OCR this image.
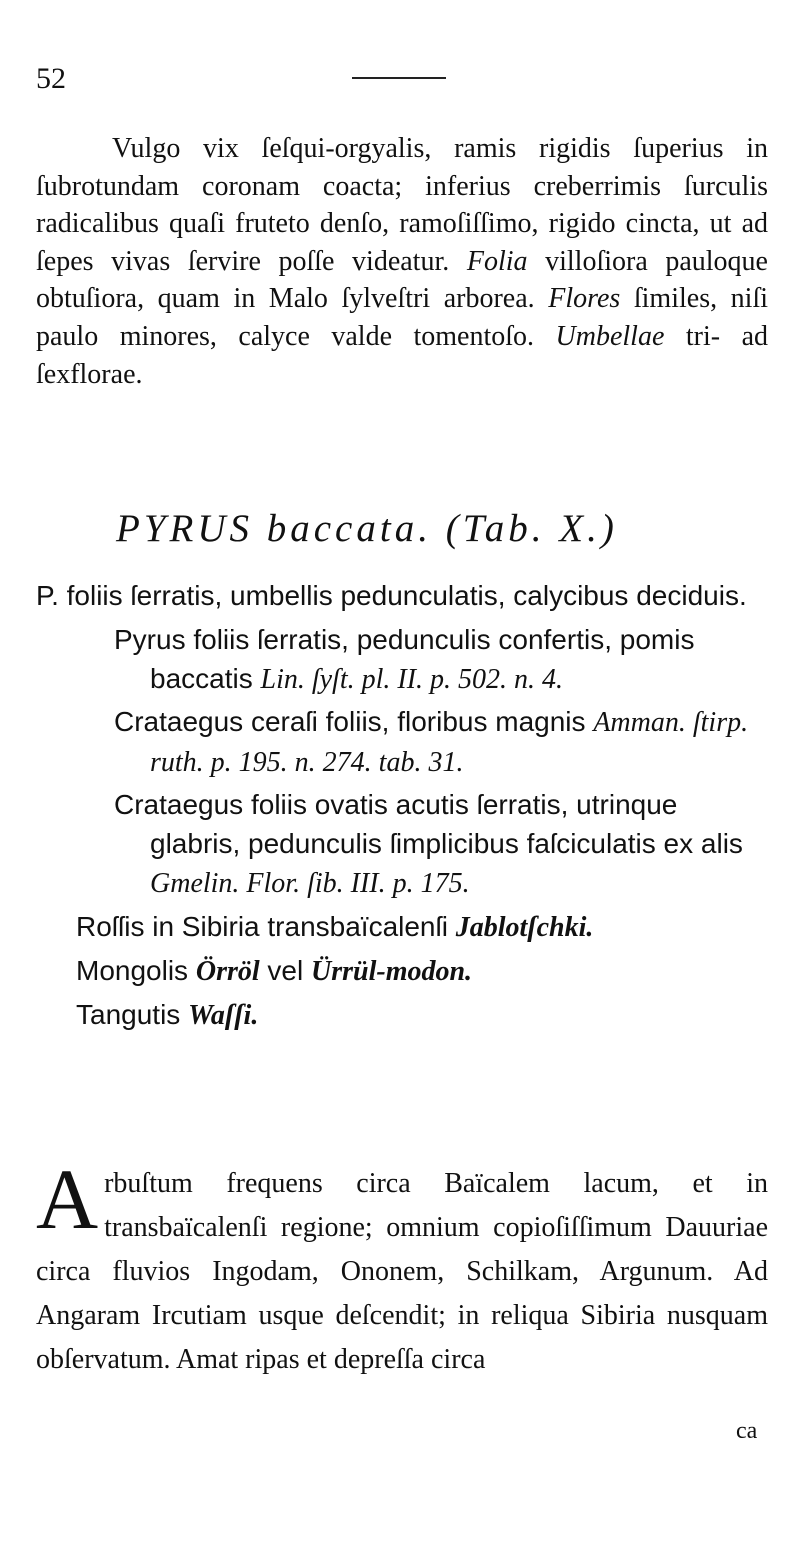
52

Vulgo vix ſeſqui-orgyalis, ramis rigidis ſuperius in ſubrotundam coronam coacta; inferius creberrimis ſurculis radicalibus quaſi fruteto denſo, ramoſiſſimo, rigido cincta, ut ad ſepes vivas ſervire poſſe videatur. Folia villoſiora pauloque obtuſiora, quam in Malo ſylveſtri arborea. Flores ſimiles, niſi paulo minores, calyce valde tomentoſo. Umbellae tri- ad ſexflorae.

PYRUS baccata. (Tab. X.)

P. foliis ſerratis, umbellis pedunculatis, calycibus deciduis.

Pyrus foliis ſerratis, pedunculis confertis, pomis baccatis Lin. ſyſt. pl. II. p. 502. n. 4.
Crataegus ceraſi foliis, floribus magnis Amman. ſtirp. ruth. p. 195. n. 274. tab. 31.
Crataegus foliis ovatis acutis ſerratis, utrinque glabris, pedunculis ſimplicibus faſciculatis ex alis Gmelin. Flor. ſib. III. p. 175.
Roſſis in Sibiria transbaïcalenſi Jablotſchki.
Mongolis Örröl vel Ürrül-modon.
Tangutis Waſſi.
Arbuſtum frequens circa Baïcalem lacum, et in transbaïcalenſi regione; omnium copioſiſſimum Dauuriae circa fluvios Ingodam, Ononem, Schilkam, Argunum. Ad Angaram Ircutiam usque deſcendit; in reliqua Sibiria nusquam obſervatum. Amat ripas et depreſſa circa
ca
